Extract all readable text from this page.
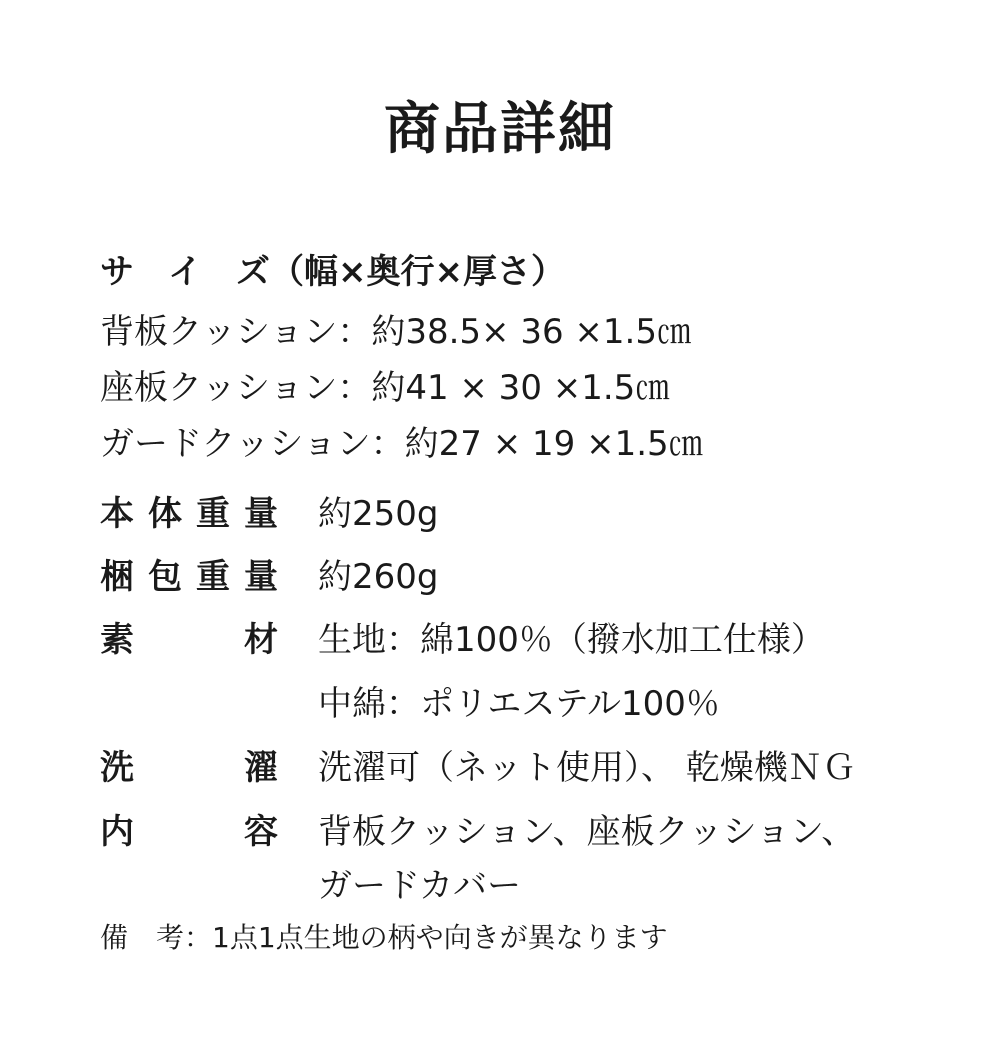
商品詳細
サ　イ　ズ（幅×奥行×厚さ）
背板クッション：約38.5× 36 ×1.5㎝
座板クッション：約41 × 30 ×1.5㎝
ガードクッション：約27 × 19 ×1.5㎝
本 体 重 量 約250g
梱 包 重 量 約260g
素	材 生地：綿100％（撥水加工仕様）
中綿：ポリエステル100％
洗	濯 洗濯可（ネット使用）、 乾燥機ＮＧ
内	容 背板クッション、座板クッション、
ガードカバー
備　考：1点1点生地の柄や向きが異なります
